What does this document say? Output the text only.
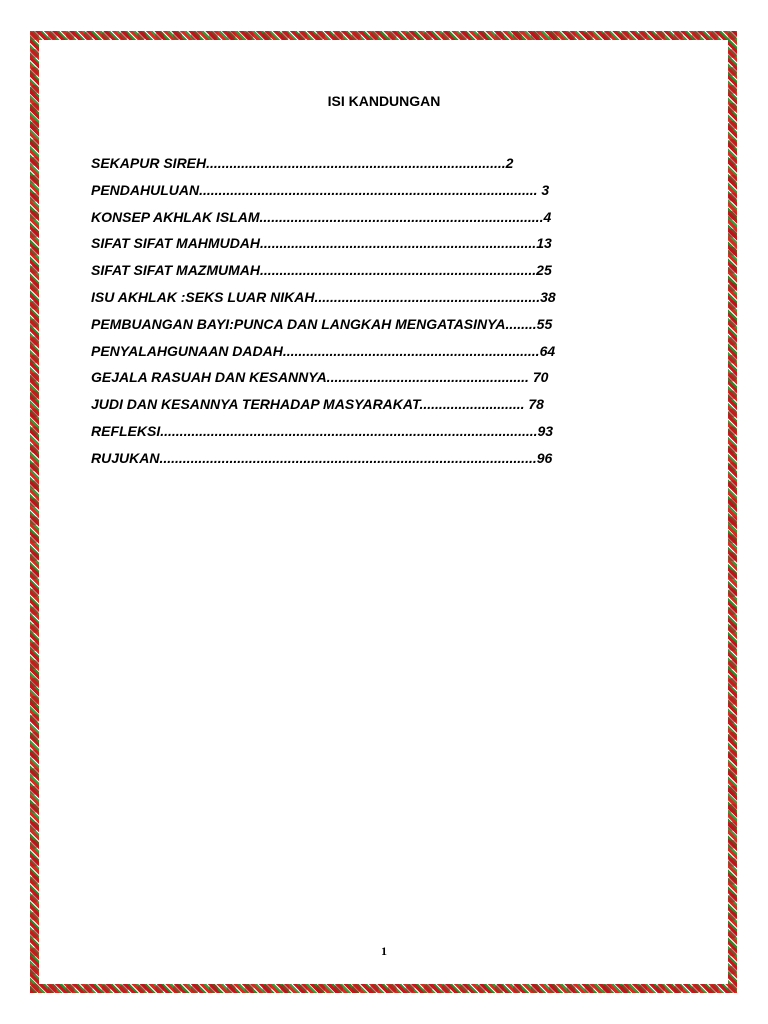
ISI KANDUNGAN
SEKAPUR SIREH.............................................................................2
PENDAHULUAN....................................................................................... 3
KONSEP AKHLAK ISLAM.........................................................................4
SIFAT SIFAT MAHMUDAH.......................................................................13
SIFAT SIFAT MAZMUMAH.......................................................................25
ISU AKHLAK :SEKS LUAR NIKAH..........................................................38
PEMBUANGAN BAYI:PUNCA DAN LANGKAH MENGATASINYA........55
PENYALAHGUNAAN DADAH..................................................................64
GEJALA RASUAH DAN KESANNYA.................................................... 70
JUDI DAN KESANNYA TERHADAP MASYARAKAT........................... 78
REFLEKSI.................................................................................................93
RUJUKAN.................................................................................................96
1
